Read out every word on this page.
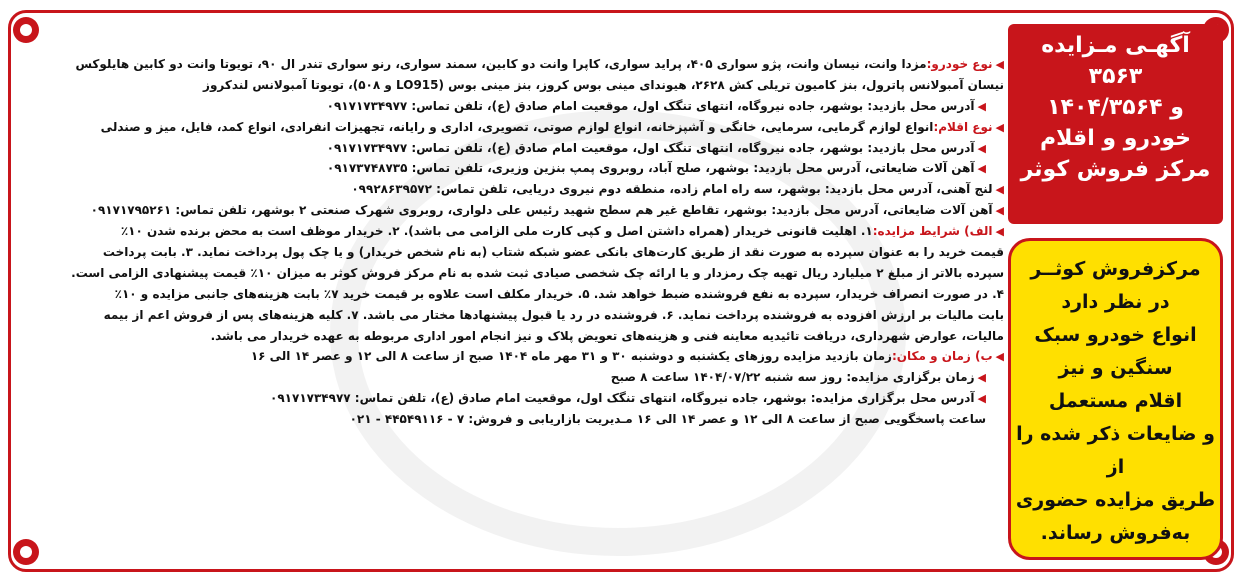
آگهـی مـزایده

۳۵۶۳

و ۱۴۰۴/۳۵۶۴

خودرو و اقلام

مرکز فروش کوثر

مرکزفروش کوثــر

در نظر دارد

انواع خودرو سبک

سنگین و نیز

اقلام مستعمل

و ضایعات ذکر شده را از

طریق مزایده حضوری

به‌فروش رساند.

◀نوع خودرو:مزدا وانت، نیسان وانت، پژو سواری ۴۰۵، پراید سواری، کاپرا وانت دو کابین، سمند سواری، رنو سواری تندر ال ۹۰، تویوتا وانت دو کابین هایلوکس
نیسان آمبولانس پاترول، بنز کامیون تریلی کش ۲۶۲۸، هیوندای مینی بوس کروز، بنز مینی بوس (LO915 و ۵۰۸)، تویوتا آمبولانس لندکروز
◀آدرس محل بازدید: بوشهر، جاده نیروگاه، انتهای تنگک اول، موقعیت امام صادق (ع)، تلفن تماس: ۰۹۱۷۱۷۳۴۹۷۷
◀نوع اقلام:انواع لوازم گرمایی، سرمایی، خانگی و آشپزخانه، انواع لوازم صوتی، تصویری، اداری و رایانه، تجهیزات انفرادی، انواع کمد، فایل، میز و صندلی
◀آدرس محل بازدید: بوشهر، جاده نیروگاه، انتهای تنگک اول، موقعیت امام صادق (ع)، تلفن تماس: ۰۹۱۷۱۷۳۴۹۷۷
◀آهن آلات ضایعاتی، آدرس محل بازدید: بوشهر، صلح آباد، روبروی پمپ بنزین وزیری، تلفن تماس: ۰۹۱۷۳۷۴۸۷۳۵
◀لنج آهنی، آدرس محل بازدید: بوشهر، سه راه امام زاده، منطقه دوم نیروی دریایی، تلفن تماس: ۰۹۹۲۸۶۳۹۵۷۲
◀آهن آلات ضایعاتی، آدرس محل بازدید: بوشهر، تقاطع غیر هم سطح شهید رئیس علی دلواری، روبروی شهرک صنعتی ۲ بوشهر، تلفن تماس: ۰۹۱۷۱۷۹۵۲۶۱
◀الف) شرایط مزایده:۱. اهلیت قانونی خریدار (همراه داشتن اصل و کپی کارت ملی الزامی می باشد). ۲. خریدار موظف است به محض برنده شدن ۱۰٪
قیمت خرید را به عنوان سپرده به صورت نقد از طریق کارت‌های بانکی عضو شبکه شتاب (به نام شخص خریدار) و یا چک پول پرداخت نماید. ۳. بابت پرداخت
سپرده بالاتر از مبلغ ۲ میلیارد ریال تهیه چک رمزدار و یا ارائه چک شخصی صیادی ثبت شده به نام مرکز فروش کوثر به میزان ۱۰٪ قیمت پیشنهادی الزامی است.
۴. در صورت انصراف خریدار، سپرده به نفع فروشنده ضبط خواهد شد. ۵. خریدار مکلف است علاوه بر قیمت خرید ۷٪ بابت هزینه‌های جانبی مزایده و ۱۰٪
بابت مالیات بر ارزش افزوده به فروشنده پرداخت نماید. ۶. فروشنده در رد یا قبول پیشنهادها مختار می باشد. ۷. کلیه هزینه‌های پس از فروش اعم از بیمه
مالیات، عوارض شهرداری، دریافت تائیدیه معاینه فنی و هزینه‌های تعویض پلاک و نیز انجام امور اداری مربوطه به عهده خریدار می باشد.
◀ب) زمان و مکان:زمان بازدید مزایده روزهای یکشنبه و دوشنبه ۳۰ و ۳۱ مهر ماه ۱۴۰۴ صبح از ساعت ۸ الی ۱۲ و عصر ۱۴ الی ۱۶
◀زمان برگزاری مزایده: روز سه شنبه ۱۴۰۴/۰۷/۲۲ ساعت ۸ صبح
◀آدرس محل برگزاری مزایده: بوشهر، جاده نیروگاه، انتهای تنگک اول، موقعیت امام صادق (ع)، تلفن تماس: ۰۹۱۷۱۷۳۴۹۷۷
ساعت پاسخگویی صبح از ساعت ۸ الی ۱۲ و عصر ۱۴ الی ۱۶ مـدیریت بازاریابی و فروش: ۷ - ۴۴۵۴۹۱۱۶ - ۰۲۱
